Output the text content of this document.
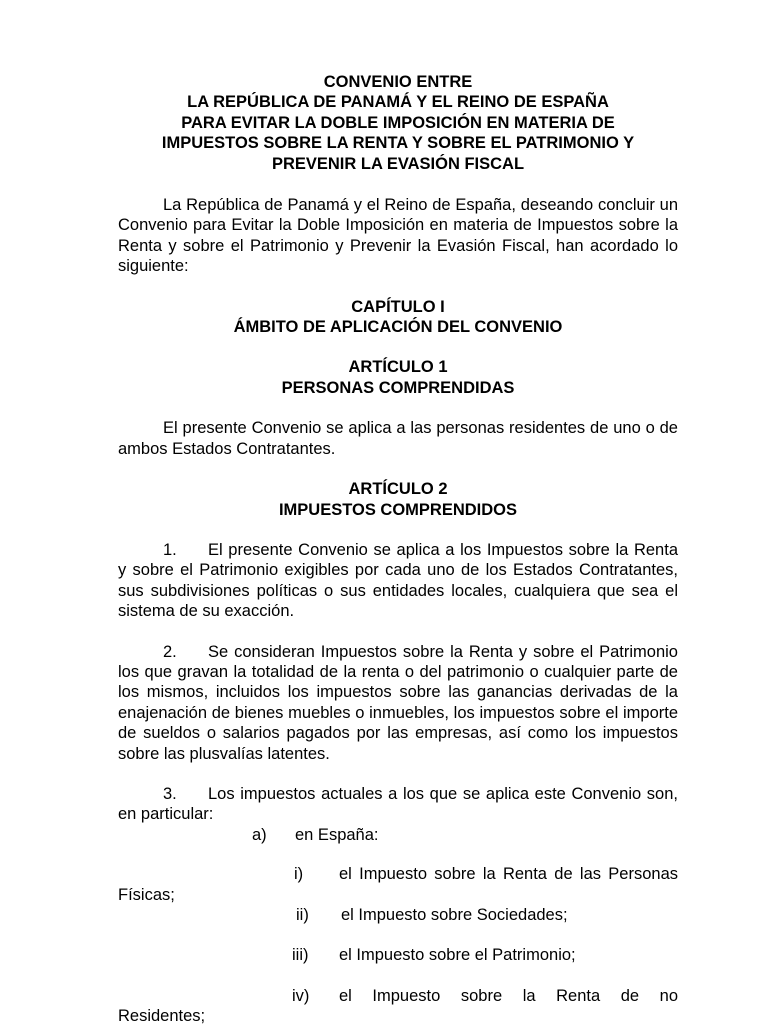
CONVENIO ENTRE

LA REPÚBLICA DE PANAMÁ Y EL REINO DE ESPAÑA

PARA EVITAR LA DOBLE IMPOSICIÓN EN MATERIA DE

IMPUESTOS SOBRE LA RENTA Y SOBRE EL PATRIMONIO Y

PREVENIR LA EVASIÓN FISCAL

La República de Panamá y el Reino de España, deseando concluir un Convenio para Evitar la Doble Imposición en materia de Impuestos sobre la Renta y sobre el Patrimonio y Prevenir la Evasión Fiscal, han acordado lo siguiente:

CAPÍTULO I

ÁMBITO DE APLICACIÓN DEL CONVENIO

ARTÍCULO 1

PERSONAS COMPRENDIDAS

El presente Convenio se aplica a las personas residentes de uno o de ambos Estados Contratantes.

ARTÍCULO 2

IMPUESTOS COMPRENDIDOS

1. El presente Convenio se aplica a los Impuestos sobre la Renta y sobre el Patrimonio exigibles por cada uno de los Estados Contratantes, sus subdivisiones políticas o sus entidades locales, cualquiera que sea el sistema de su exacción.

2. Se consideran Impuestos sobre la Renta y sobre el Patrimonio los que gravan la totalidad de la renta o del patrimonio o cualquier parte de los mismos, incluidos los impuestos sobre las ganancias derivadas de la enajenación de bienes muebles o inmuebles, los impuestos sobre el importe de sueldos o salarios pagados por las empresas, así como los impuestos sobre las plusvalías latentes.

3. Los impuestos actuales a los que se aplica este Convenio son, en particular:

a) en España:
i) el Impuesto sobre la Renta de las Personas
Físicas;
ii) el Impuesto sobre Sociedades;
iii) el Impuesto sobre el Patrimonio;
iv) el Impuesto sobre la Renta de no
Residentes;
